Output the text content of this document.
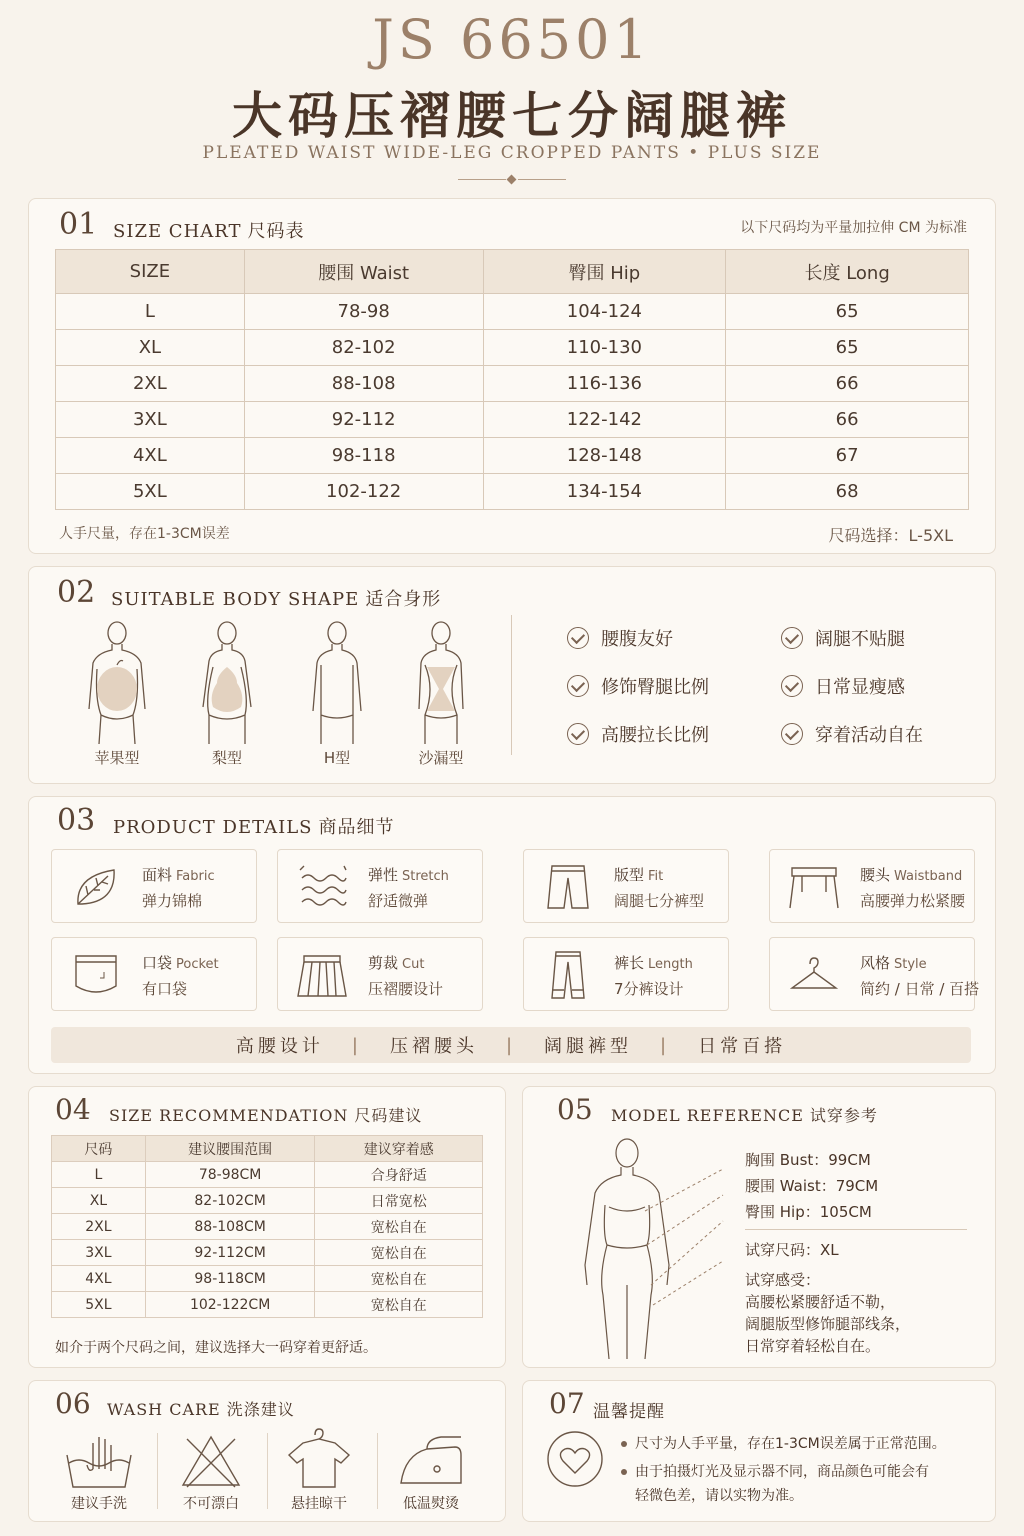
JS 66501
大码压褶腰七分阔腿裤
PLEATED WAIST WIDE-LEG CROPPED PANTS • PLUS SIZE
01 SIZE CHART 尺码表	以下尺码均为平量加拉伸 CM 为标准
SIZE	腰围 Waist	臀围 Hip	长度 Long
L	78-98	104-124	65
XL	82-102	110-130	65
2XL	88-108	116-136	66
3XL	92-112	122-142	66
4XL	98-118	128-148	67
5XL	102-122	134-154	68
人手尺量，存在1-3CM误差	尺码选择：L-5XL
02 SUITABLE BODY SHAPE 适合身形
苹果型	梨型	H型	沙漏型
腰腹友好	阔腿不贴腿
修饰臀腿比例	日常显瘦感
高腰拉长比例	穿着活动自在
03 PRODUCT DETAILS 商品细节
面料 Fabric
弹力锦棉
弹性 Stretch
舒适微弹
版型 Fit
阔腿七分裤型
腰头 Waistband
高腰弹力松紧腰
口袋 Pocket
有口袋
剪裁 Cut
压褶腰设计
裤长 Length
7分裤设计
风格 Style
简约 / 日常 / 百搭
高腰设计 | 压褶腰头 | 阔腿裤型 | 日常百搭
04 SIZE RECOMMENDATION 尺码建议
尺码	建议腰围范围	建议穿着感
L	78-98CM	合身舒适
XL	82-102CM	日常宽松
2XL	88-108CM	宽松自在
3XL	92-112CM	宽松自在
4XL	98-118CM	宽松自在
5XL	102-122CM	宽松自在
如介于两个尺码之间，建议选择大一码穿着更舒适。
05 MODEL REFERENCE 试穿参考
胸围 Bust：99CM
腰围 Waist：79CM
臀围 Hip：105CM
试穿尺码：XL
试穿感受：
高腰松紧腰舒适不勒，
阔腿版型修饰腿部线条，
日常穿着轻松自在。
06 WASH CARE 洗涤建议
建议手洗	不可漂白	悬挂晾干	低温熨烫
07 温馨提醒
尺寸为人手平量，存在1-3CM误差属于正常范围。
由于拍摄灯光及显示器不同，商品颜色可能会有
轻微色差，请以实物为准。
